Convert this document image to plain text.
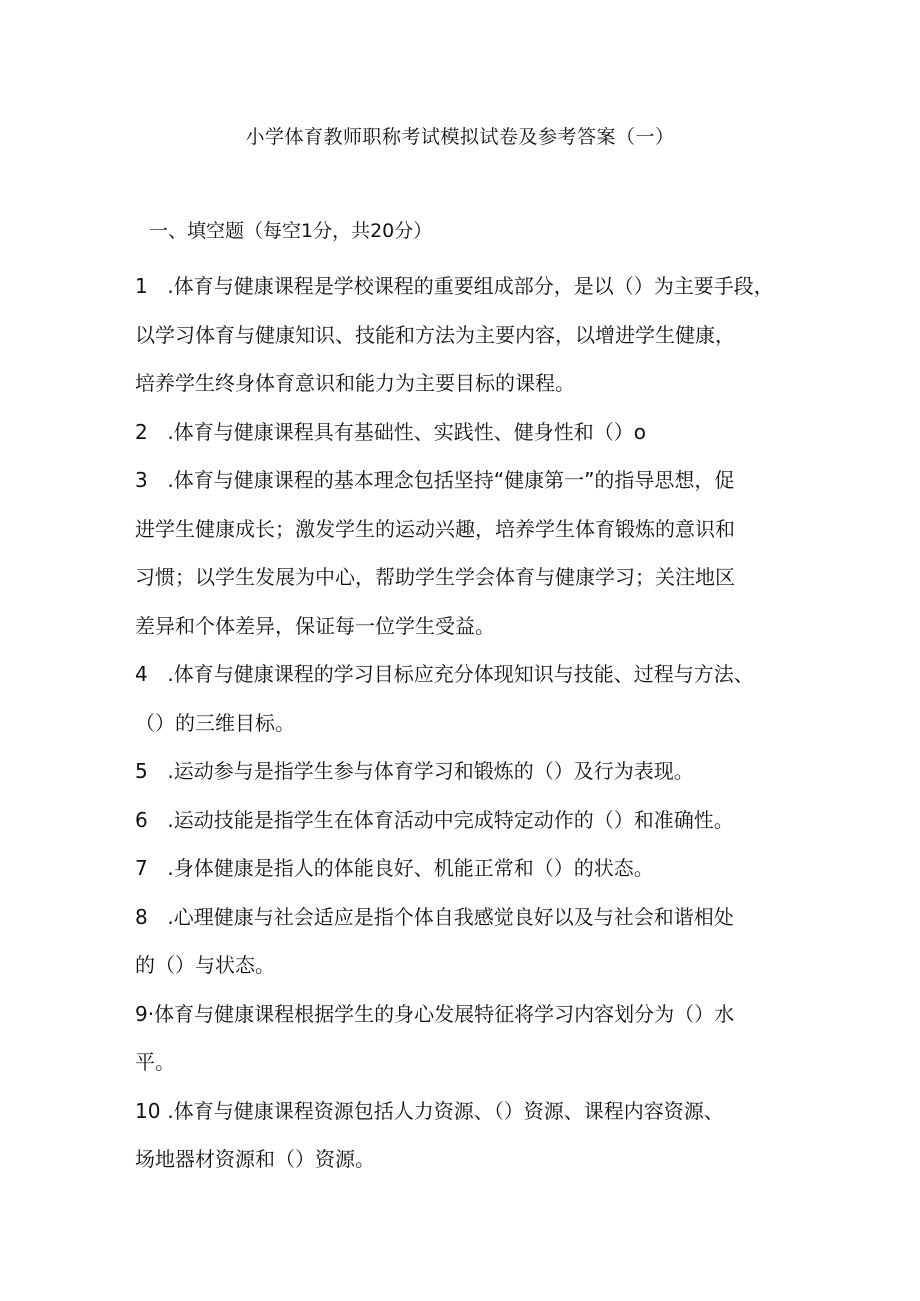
小学体育教师职称考试模拟试卷及参考答案（一）
一、填空题（每空1分，共20分）
1 .体育与健康课程是学校课程的重要组成部分，是以（）为主要手段，
以学习体育与健康知识、技能和方法为主要内容，以增进学生健康，
培养学生终身体育意识和能力为主要目标的课程。
2 .体育与健康课程具有基础性、实践性、健身性和（）o
3 .体育与健康课程的基本理念包括坚持“健康第一”的指导思想，促
进学生健康成长；激发学生的运动兴趣，培养学生体育锻炼的意识和
习惯；以学生发展为中心，帮助学生学会体育与健康学习；关注地区
差异和个体差异，保证每一位学生受益。
4 .体育与健康课程的学习目标应充分体现知识与技能、过程与方法、
（）的三维目标。
5 .运动参与是指学生参与体育学习和锻炼的（）及行为表现。
6 .运动技能是指学生在体育活动中完成特定动作的（）和准确性。
7 .身体健康是指人的体能良好、机能正常和（）的状态。
8 .心理健康与社会适应是指个体自我感觉良好以及与社会和谐相处
的（）与状态。
9·体育与健康课程根据学生的身心发展特征将学习内容划分为（）水
平。
10 .体育与健康课程资源包括人力资源、（）资源、课程内容资源、
场地器材资源和（）资源。
